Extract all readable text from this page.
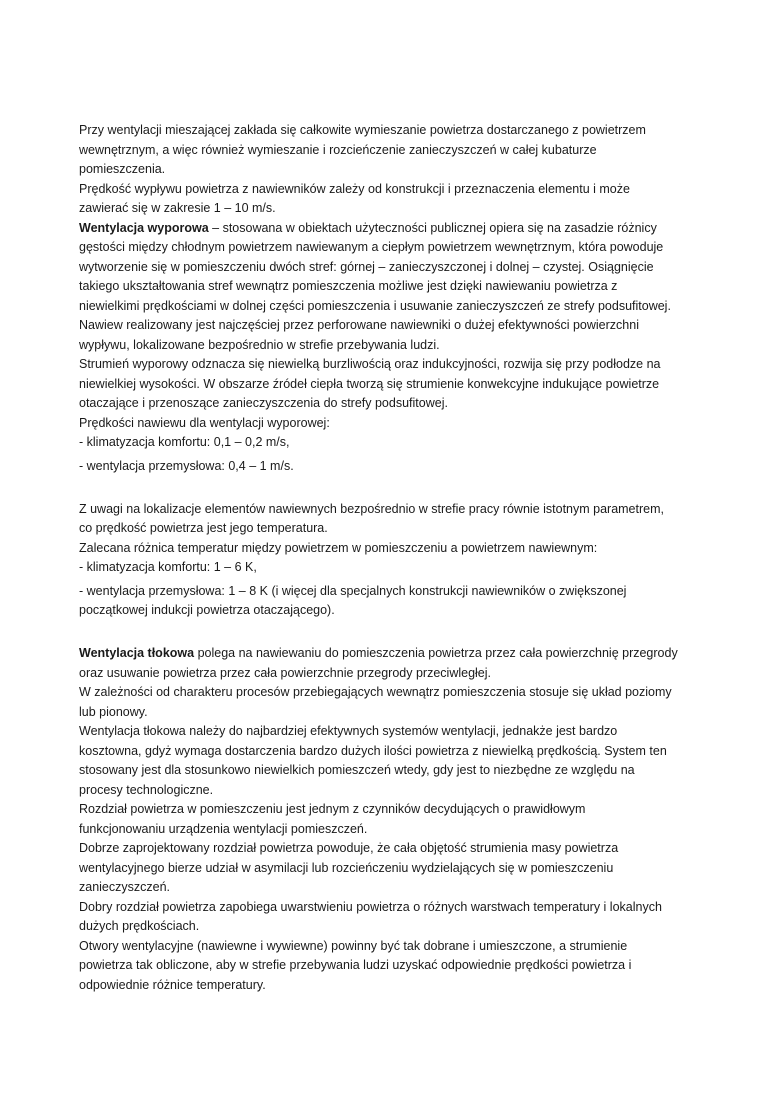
Przy wentylacji mieszającej zakłada się całkowite wymieszanie powietrza dostarczanego z powietrzem
wewnętrznym, a więc również wymieszanie i rozcieńczenie zanieczyszczeń w całej kubaturze
pomieszczenia.
Prędkość wypływu powietrza z nawiewników zależy od konstrukcji i przeznaczenia elementu i może
zawierać się w zakresie 1 – 10 m/s.
Wentylacja wyporowa – stosowana w obiektach użyteczności publicznej opiera się na zasadzie różnicy
gęstości między chłodnym powietrzem nawiewanym a ciepłym powietrzem wewnętrznym, która powoduje
wytworzenie się w pomieszczeniu dwóch stref: górnej – zanieczyszczonej i dolnej – czystej. Osiągnięcie
takiego ukształtowania stref wewnątrz pomieszczenia możliwe jest dzięki nawiewaniu powietrza z
niewielkimi prędkościami w dolnej części pomieszczenia i usuwanie zanieczyszczeń ze strefy podsufitowej.
Nawiew realizowany jest najczęściej przez perforowane nawiewniki o dużej efektywności powierzchni
wypływu, lokalizowane bezpośrednio w strefie przebywania ludzi.
Strumień wyporowy odznacza się niewielką burzliwością oraz indukcyjności, rozwija się przy podłodze na
niewielkiej wysokości. W obszarze źródeł ciepła tworzą się strumienie konwekcyjne indukujące powietrze
otaczające i przenoszące zanieczyszczenia do strefy podsufitowej.
Prędkości nawiewu dla wentylacji wyporowej:
- klimatyzacja komfortu: 0,1 – 0,2 m/s,
- wentylacja przemysłowa: 0,4 – 1 m/s.
Z uwagi na lokalizacje elementów nawiewnych bezpośrednio w strefie pracy równie istotnym parametrem,
co prędkość powietrza jest jego temperatura.
Zalecana różnica temperatur między powietrzem w pomieszczeniu a powietrzem nawiewnym:
- klimatyzacja komfortu: 1 – 6 K,
- wentylacja przemysłowa: 1 – 8 K (i więcej dla specjalnych konstrukcji nawiewników o zwiększonej
początkowej indukcji powietrza otaczającego).
Wentylacja tłokowa polega na nawiewaniu do pomieszczenia powietrza przez cała powierzchnię przegrody
oraz usuwanie powietrza przez cała powierzchnie przegrody przeciwległej.
W zależności od charakteru procesów przebiegających wewnątrz pomieszczenia stosuje się układ poziomy
lub pionowy.
Wentylacja tłokowa należy do najbardziej efektywnych systemów wentylacji, jednakże jest bardzo
kosztowna, gdyż wymaga dostarczenia bardzo dużych ilości powietrza z niewielką prędkością. System ten
stosowany jest dla stosunkowo niewielkich pomieszczeń wtedy, gdy jest to niezbędne ze względu na
procesy technologiczne.
Rozdział powietrza w pomieszczeniu jest jednym z czynników decydujących o prawidłowym
funkcjonowaniu urządzenia wentylacji pomieszczeń.
Dobrze zaprojektowany rozdział powietrza powoduje, że cała objętość strumienia masy powietrza
wentylacyjnego bierze udział w asymilacji lub rozcieńczeniu wydzielających się w pomieszczeniu
zanieczyszczeń.
Dobry rozdział powietrza zapobiega uwarstwieniu powietrza o różnych warstwach temperatury i lokalnych
dużych prędkościach.
Otwory wentylacyjne (nawiewne i wywiewne) powinny być tak dobrane i umieszczone, a strumienie
powietrza tak obliczone, aby w strefie przebywania ludzi uzyskać odpowiednie prędkości powietrza i
odpowiednie różnice temperatury.
